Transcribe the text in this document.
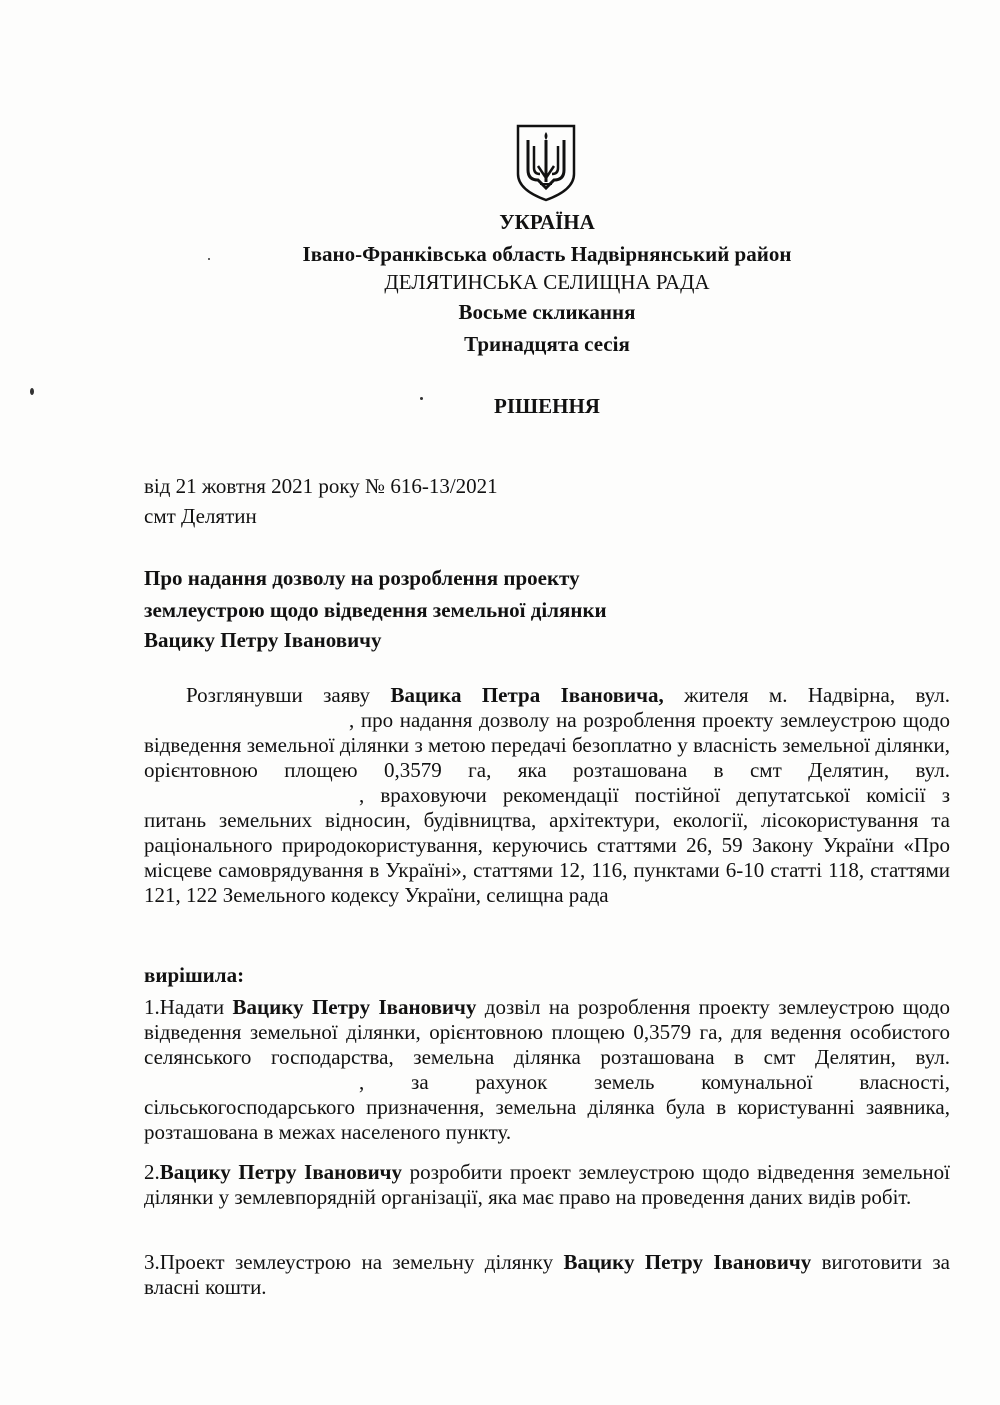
УКРАЇНА
Івано-Франківська область Надвірнянський район
ДЕЛЯТИНСЬКА СЕЛИЩНА РАДА
Восьме скликання
Тринадцята сесія
РІШЕННЯ
від 21 жовтня 2021 року № 616-13/2021
смт Делятин
Про надання дозволу на розроблення проекту
землеустрою щодо відведення земельної ділянки
Вацику Петру Івановичу
Розглянувши заяву Вацика Петра Івановича, жителя м. Надвірна, вул., про надання дозволу на розроблення проекту землеустрою щодо відведення земельної ділянки з метою передачі безоплатно у власність земельної ділянки, орієнтовною площею 0,3579 га, яка розташована в смт Делятин, вул., враховуючи рекомендації постійної депутатської комісії з питань земельних відносин, будівництва, архітектури, екології, лісокористування та раціонального природокористування, керуючись статтями 26, 59 Закону України «Про місцеве самоврядування в Україні», статтями 12, 116, пунктами 6-10 статті 118, статтями 121, 122 Земельного кодексу України, селищна рада
вирішила:
1.Надати Вацику Петру Івановичу дозвіл на розроблення проекту землеустрою щодо відведення земельної ділянки, орієнтовною площею 0,3579 га, для ведення особистого селянського господарства, земельна ділянка розташована в смт Делятин, вул., за рахунок земель комунальної власності, сільськогосподарського призначення, земельна ділянка була в користуванні заявника, розташована в межах населеного пункту.
2.Вацику Петру Івановичу розробити проект землеустрою щодо відведення земельної ділянки у землевпорядній організації, яка має право на проведення даних видів робіт.
3.Проект землеустрою на земельну ділянку Вацику Петру Івановичу виготовити за власні кошти.
